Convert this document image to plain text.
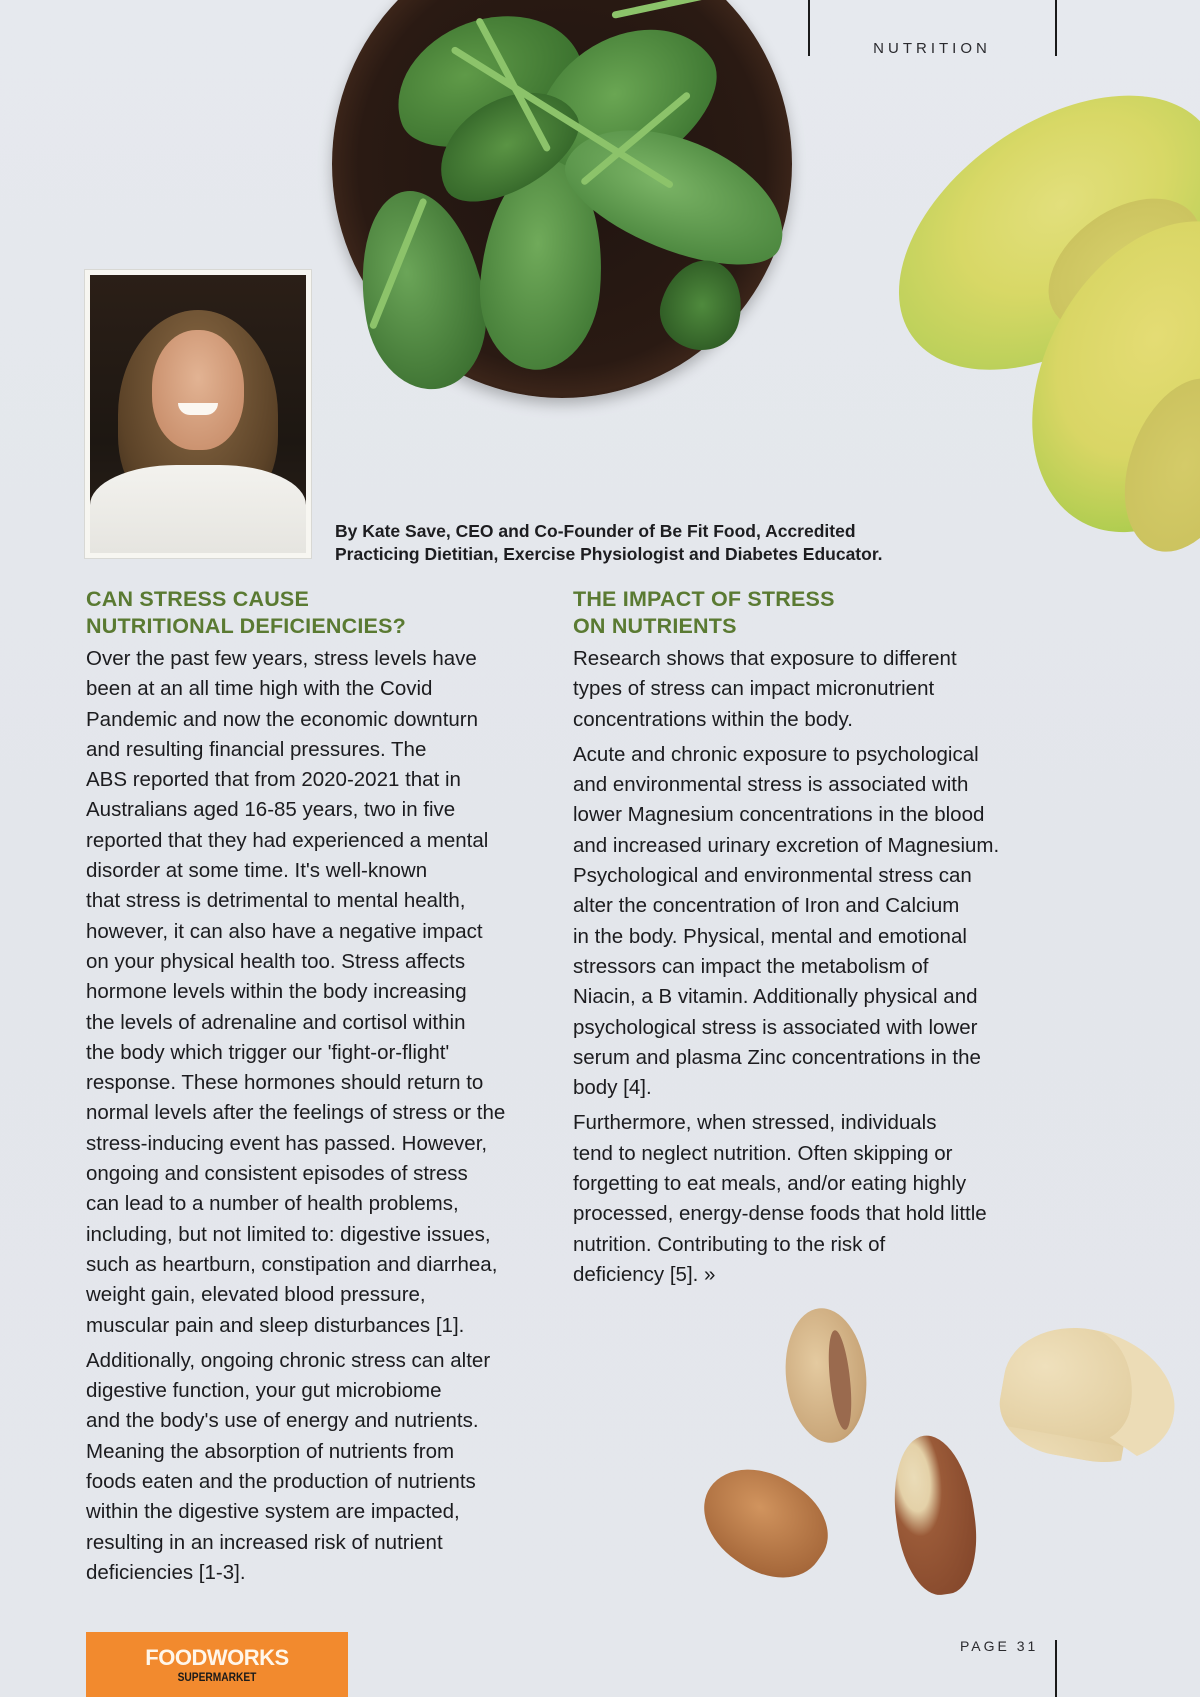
NUTRITION
By Kate Save, CEO and Co-Founder of Be Fit Food, Accredited
Practicing Dietitian, Exercise Physiologist and Diabetes Educator.
CAN STRESS CAUSE
NUTRITIONAL DEFICIENCIES?

Over the past few years, stress levels have
been at an all time high with the Covid
Pandemic and now the economic downturn
and resulting financial pressures. The
ABS reported that from 2020-2021 that in
Australians aged 16-85 years, two in five
reported that they had experienced a mental
disorder at some time. It's well-known
that stress is detrimental to mental health,
however, it can also have a negative impact
on your physical health too. Stress affects
hormone levels within the body increasing
the levels of adrenaline and cortisol within
the body which trigger our 'fight-or-flight'
response. These hormones should return to
normal levels after the feelings of stress or the
stress-inducing event has passed. However,
ongoing and consistent episodes of stress
can lead to a number of health problems,
including, but not limited to: digestive issues,
such as heartburn, constipation and diarrhea,
weight gain, elevated blood pressure,
muscular pain and sleep disturbances [1].

Additionally, ongoing chronic stress can alter
digestive function, your gut microbiome
and the body's use of energy and nutrients.
Meaning the absorption of nutrients from
foods eaten and the production of nutrients
within the digestive system are impacted,
resulting in an increased risk of nutrient
deficiencies [1-3].

THE IMPACT OF STRESS
ON NUTRIENTS

Research shows that exposure to different
types of stress can impact micronutrient
concentrations within the body.

Acute and chronic exposure to psychological
and environmental stress is associated with
lower Magnesium concentrations in the blood
and increased urinary excretion of Magnesium.
Psychological and environmental stress can
alter the concentration of Iron and Calcium
in the body. Physical, mental and emotional
stressors can impact the metabolism of
Niacin, a B vitamin. Additionally physical and
psychological stress is associated with lower
serum and plasma Zinc concentrations in the
body [4].

Furthermore, when stressed, individuals
tend to neglect nutrition. Often skipping or
forgetting to eat meals, and/or eating highly
processed, energy-dense foods that hold little
nutrition. Contributing to the risk of
deficiency [5]. »

FOODWORKS
SUPERMARKET
PAGE 31
